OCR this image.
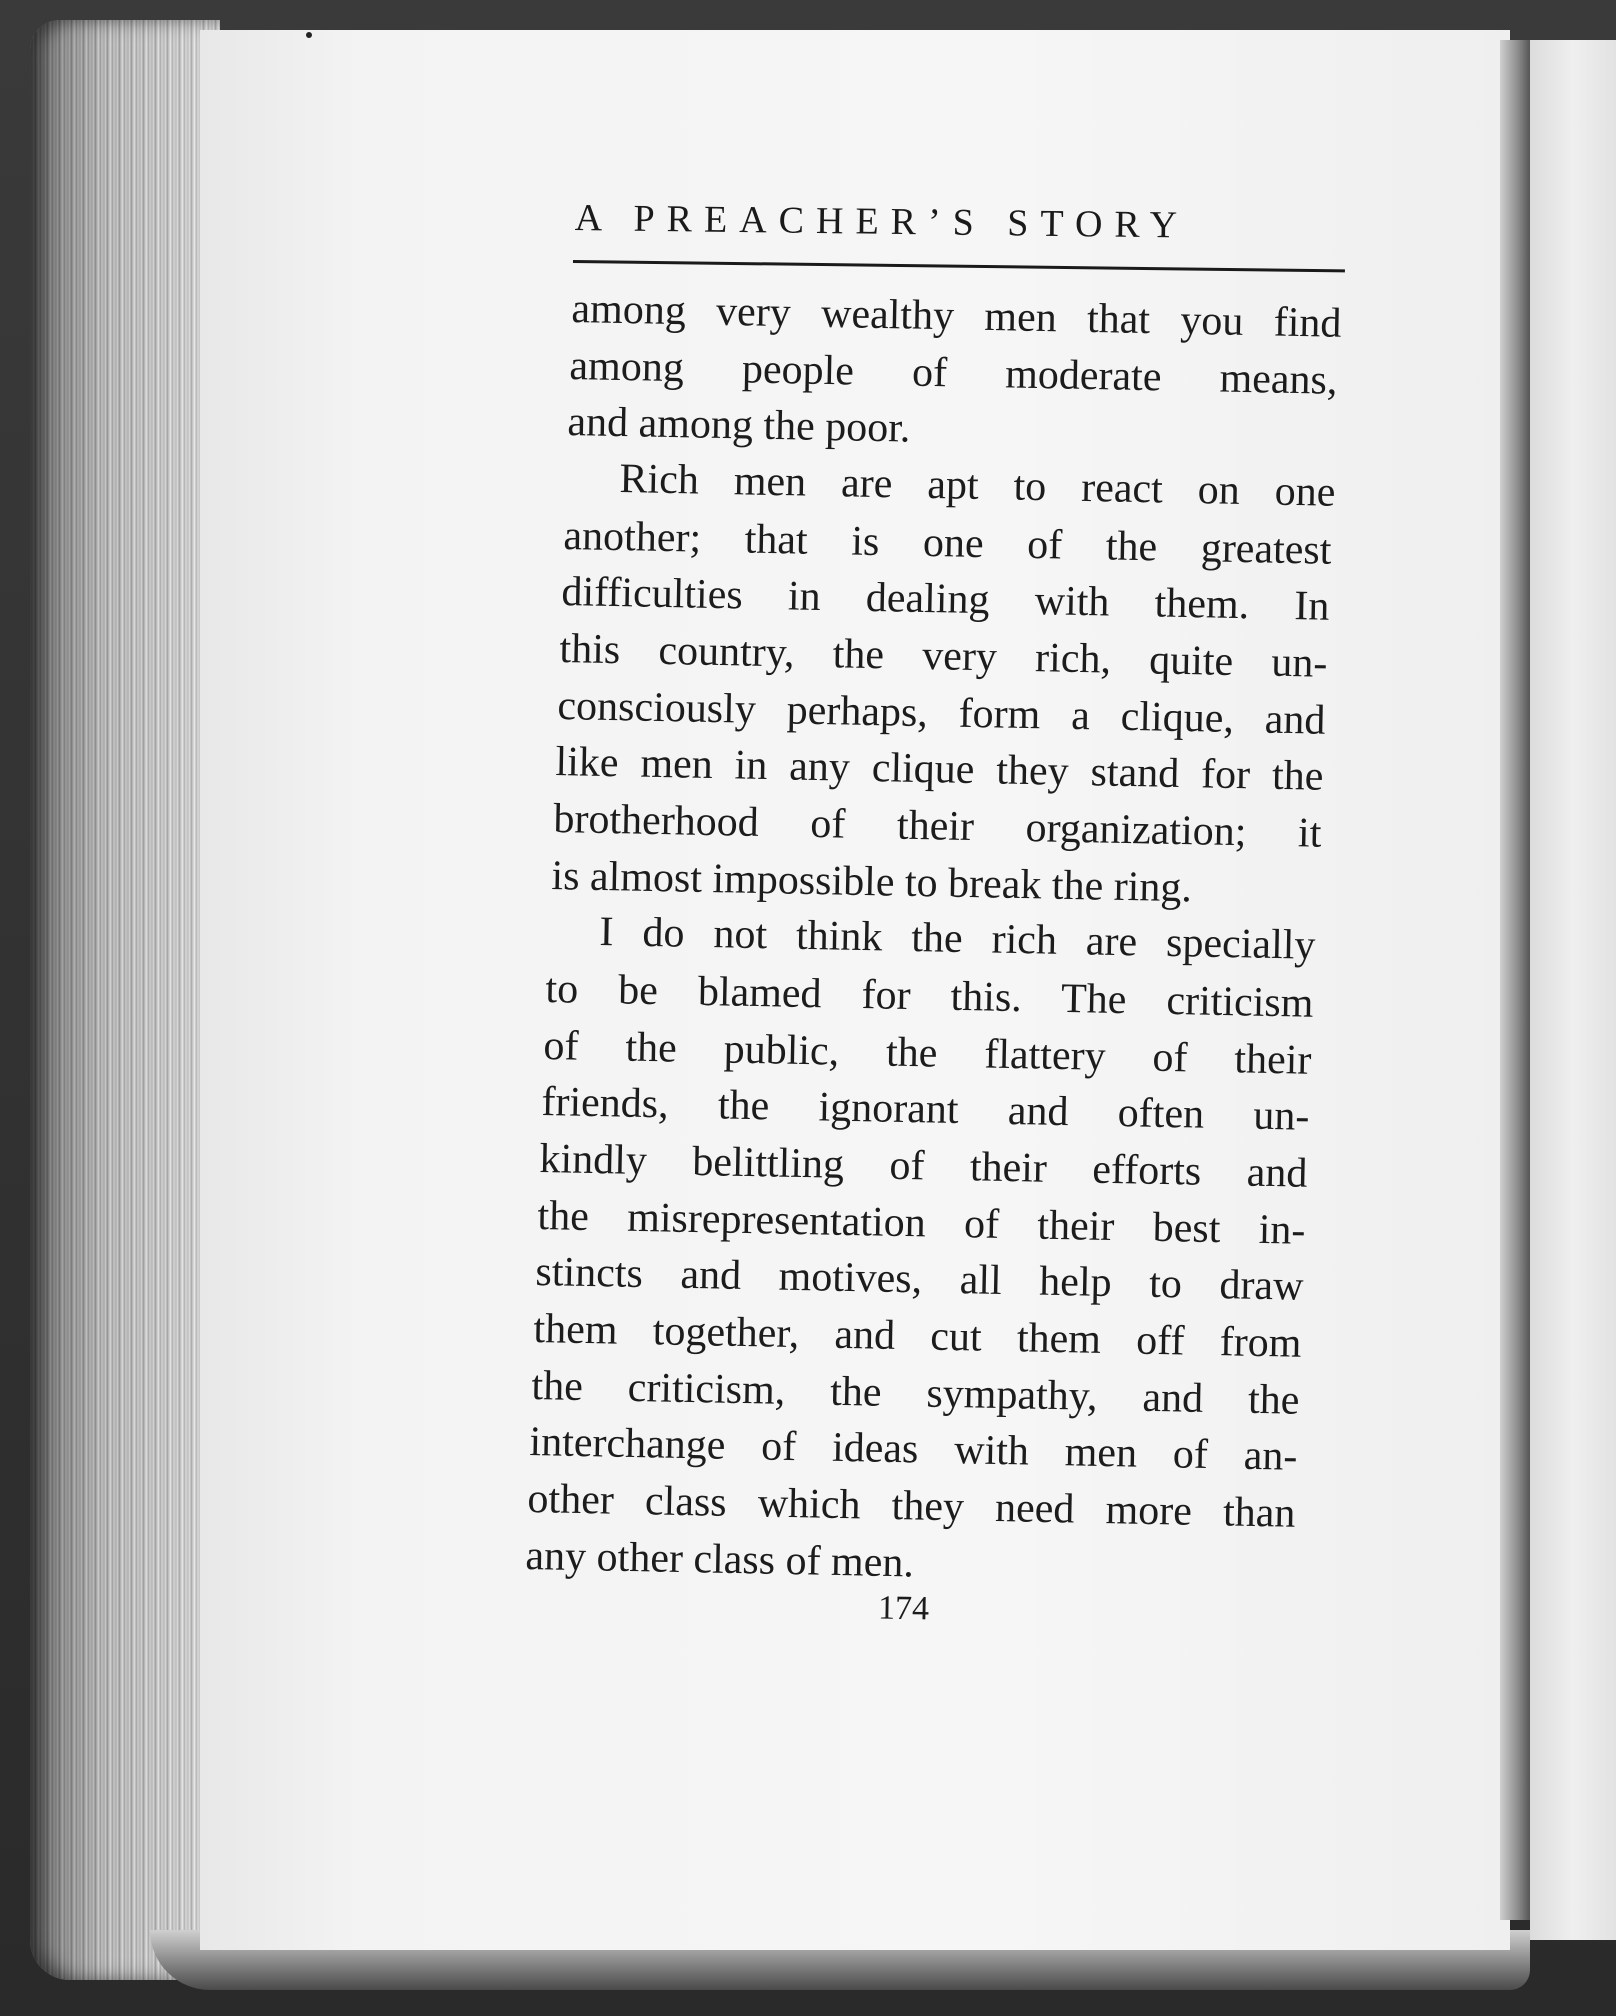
A PREACHER’S STORY
among very wealthy men that you find
among people of moderate means,
and among the poor.
Rich men are apt to react on one
another; that is one of the greatest
difficulties in dealing with them. In
this country, the very rich, quite un-
consciously perhaps, form a clique, and
like men in any clique they stand for the
brotherhood of their organization; it
is almost impossible to break the ring.
I do not think the rich are specially
to be blamed for this. The criticism
of the public, the flattery of their
friends, the ignorant and often un-
kindly belittling of their efforts and
the misrepresentation of their best in-
stincts and motives, all help to draw
them together, and cut them off from
the criticism, the sympathy, and the
interchange of ideas with men of an-
other class which they need more than
any other class of men.
174
